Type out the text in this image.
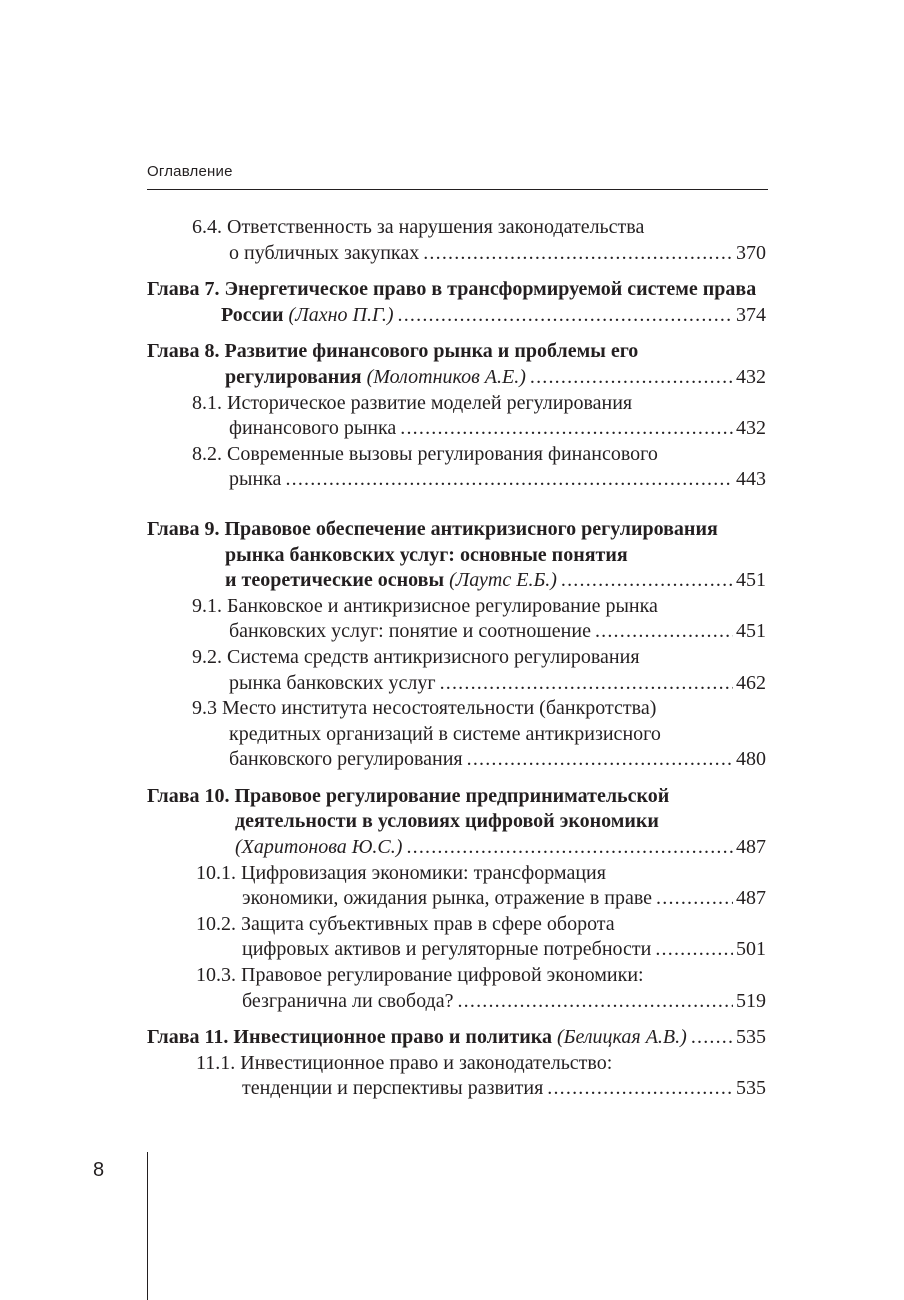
Оглавление
6.4. Ответственность за нарушения законодательства
о публичных закупках .....	370
Глава 7. Энергетическое право в трансформируемой системе права
России (Лахно П.Г.) .....	374
Глава 8. Развитие финансового рынка и проблемы его
регулирования (Молотников А.Е.) .....	432
8.1. Историческое развитие моделей регулирования
финансового рынка .....	432
8.2. Современные вызовы регулирования финансового
рынка .....	443
Глава 9. Правовое обеспечение антикризисного регулирования
рынка банковских услуг: основные понятия
и теоретические основы (Лаутс Е.Б.) .....	451
9.1. Банковское и антикризисное регулирование рынка
банковских услуг: понятие и соотношение .....	451
9.2. Система средств антикризисного регулирования
рынка банковских услуг .....	462
9.3 Место института несостоятельности (банкротства)
кредитных организаций в системе антикризисного
банковского регулирования .....	480
Глава 10. Правовое регулирование предпринимательской
деятельности в условиях цифровой экономики
(Харитонова Ю.С.) .....	487
10.1. Цифровизация экономики: трансформация
экономики, ожидания рынка, отражение в праве .....	487
10.2. Защита субъективных прав в сфере оборота
цифровых активов и регуляторные потребности .....	501
10.3. Правовое регулирование цифровой экономики:
безгранична ли свобода? .....	519
Глава 11. Инвестиционное право и политика (Белицкая А.В.) ..... 535
11.1. Инвестиционное право и законодательство:
тенденции и перспективы развития .....	535
8
